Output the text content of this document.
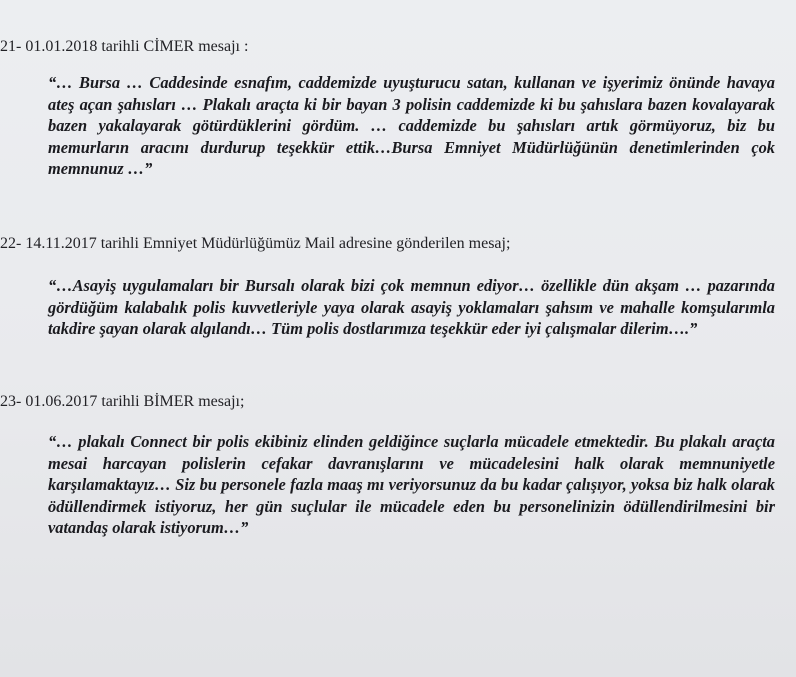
21- 01.01.2018 tarihli CİMER mesajı :
“… Bursa … Caddesinde esnafım, caddemizde uyuşturucu satan, kullanan ve işyerimiz önünde havaya ateş açan şahısları … Plakalı araçta ki bir bayan 3 polisin caddemizde ki bu şahıslara bazen kovalayarak bazen yakalayarak götürdüklerini gördüm. … caddemizde bu şahısları artık görmüyoruz, biz bu memurların aracını durdurup teşekkür ettik…Bursa Emniyet Müdürlüğünün denetimlerinden çok memnunuz …”
22- 14.11.2017 tarihli Emniyet Müdürlüğümüz Mail adresine gönderilen mesaj;
“…Asayiş uygulamaları bir Bursalı olarak bizi çok memnun ediyor… özellikle dün akşam … pazarında gördüğüm kalabalık polis kuvvetleriyle yaya olarak asayiş yoklamaları şahsım ve mahalle komşularımla takdire şayan olarak algılandı… Tüm polis dostlarımıza teşekkür eder iyi çalışmalar dilerim….”
23- 01.06.2017 tarihli BİMER mesajı;
“… plakalı Connect bir polis ekibiniz elinden geldiğince suçlarla mücadele etmektedir. Bu plakalı araçta mesai harcayan polislerin cefakar davranışlarını ve mücadelesini halk olarak memnuniyetle karşılamaktayız… Siz bu personele fazla maaş mı veriyorsunuz da bu kadar çalışıyor, yoksa biz halk olarak ödüllendirmek istiyoruz, her gün suçlular ile mücadele eden bu personelinizin ödüllendirilmesini bir vatandaş olarak istiyorum…”
